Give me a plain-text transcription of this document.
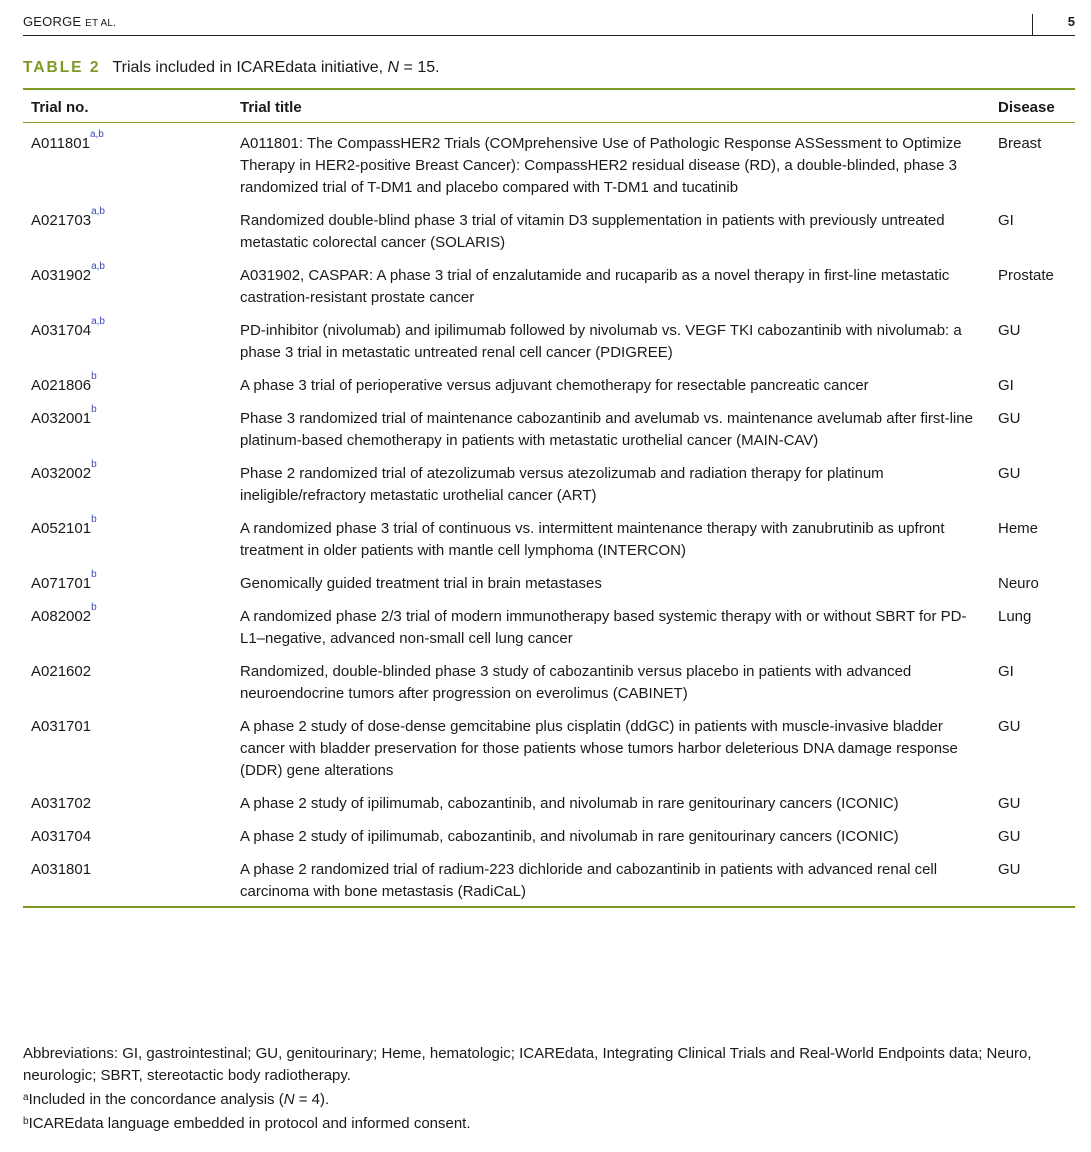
GEORGE ET AL.	5
TABLE 2 Trials included in ICAREdata initiative, N = 15.
Trial no.	Trial title	Disease
A011801$^{a,b}$	A011801: The CompassHER2 Trials (COMprehensive Use of Pathologic Response ASSessment to Optimize Therapy in HER2-positive Breast Cancer): CompassHER2 residual disease (RD), a double-blinded, phase 3 randomized trial of T-DM1 and placebo compared with T-DM1 and tucatinib	Breast
A021703$^{a,b}$	Randomized double-blind phase 3 trial of vitamin D3 supplementation in patients with previously untreated metastatic colorectal cancer (SOLARIS)	GI
A031902$^{a,b}$	A031902, CASPAR: A phase 3 trial of enzalutamide and rucaparib as a novel therapy in first-line metastatic castration-resistant prostate cancer	Prostate
A031704$^{a,b}$	PD-inhibitor (nivolumab) and ipilimumab followed by nivolumab vs. VEGF TKI cabozantinib with nivolumab: a phase 3 trial in metastatic untreated renal cell cancer (PDIGREE)	GU
A021806$^b$	A phase 3 trial of perioperative versus adjuvant chemotherapy for resectable pancreatic cancer	GI
A032001$^b$	Phase 3 randomized trial of maintenance cabozantinib and avelumab vs. maintenance avelumab after first-line platinum-based chemotherapy in patients with metastatic urothelial cancer (MAIN-CAV)	GU
A032002$^b$	Phase 2 randomized trial of atezolizumab versus atezolizumab and radiation therapy for platinum ineligible/refractory metastatic urothelial cancer (ART)	GU
A052101$^b$	A randomized phase 3 trial of continuous vs. intermittent maintenance therapy with zanubrutinib as upfront treatment in older patients with mantle cell lymphoma (INTERCON)	Heme
A071701$^b$	Genomically guided treatment trial in brain metastases	Neuro
A082002$^b$	A randomized phase 2/3 trial of modern immunotherapy based systemic therapy with or without SBRT for PD-L1–negative, advanced non-small cell lung cancer	Lung
A021602	Randomized, double-blinded phase 3 study of cabozantinib versus placebo in patients with advanced neuroendocrine tumors after progression on everolimus (CABINET)	GI
A031701	A phase 2 study of dose-dense gemcitabine plus cisplatin (ddGC) in patients with muscle-invasive bladder cancer with bladder preservation for those patients whose tumors harbor deleterious DNA damage response (DDR) gene alterations	GU
A031702	A phase 2 study of ipilimumab, cabozantinib, and nivolumab in rare genitourinary cancers (ICONIC)	GU
A031704	A phase 2 study of ipilimumab, cabozantinib, and nivolumab in rare genitourinary cancers (ICONIC)	GU
A031801	A phase 2 randomized trial of radium-223 dichloride and cabozantinib in patients with advanced renal cell carcinoma with bone metastasis (RadiCaL)	GU

Abbreviations: GI, gastrointestinal; GU, genitourinary; Heme, hematologic; ICAREdata, Integrating Clinical Trials and Real-World Endpoints data; Neuro, neurologic; SBRT, stereotactic body radiotherapy.

$^a$Included in the concordance analysis (N = 4).

$^b$ICAREdata language embedded in protocol and informed consent.
